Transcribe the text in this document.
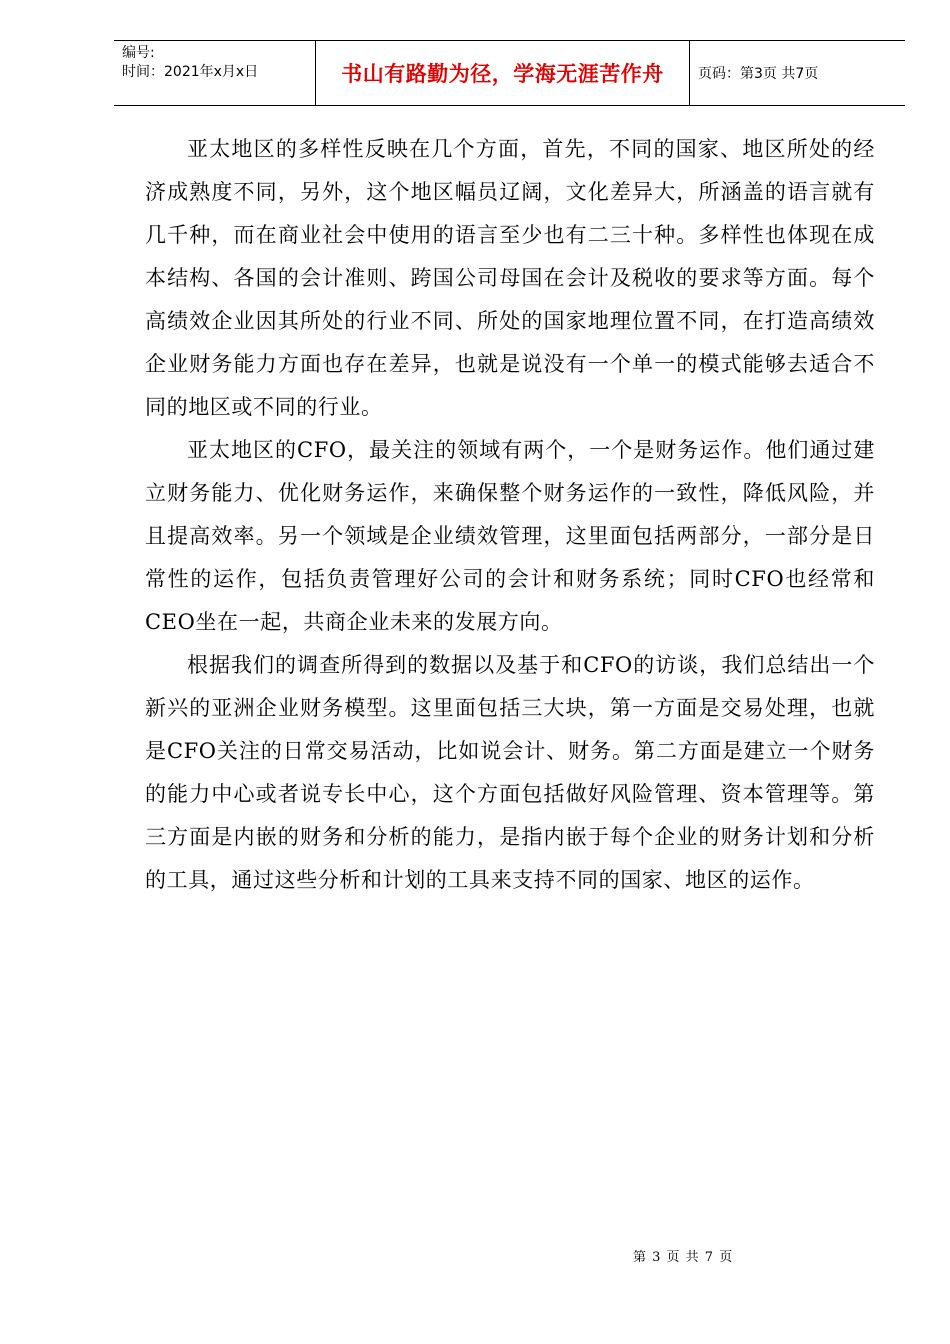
编号:
时间：2021年x月x日	书山有路勤为径，学海无涯苦作舟	页码：第3页 共7页

亚太地区的多样性反映在几个方面，首先，不同的国家、地区所处的经济成熟度不同，另外，这个地区幅员辽阔，文化差异大，所涵盖的语言就有几千种，而在商业社会中使用的语言至少也有二三十种。多样性也体现在成本结构、各国的会计准则、跨国公司母国在会计及税收的要求等方面。每个高绩效企业因其所处的行业不同、所处的国家地理位置不同，在打造高绩效企业财务能力方面也存在差异，也就是说没有一个单一的模式能够去适合不同的地区或不同的行业。

亚太地区的CFO，最关注的领域有两个，一个是财务运作。他们通过建立财务能力、优化财务运作，来确保整个财务运作的一致性，降低风险，并且提高效率。另一个领域是企业绩效管理，这里面包括两部分，一部分是日常性的运作，包括负责管理好公司的会计和财务系统；同时CFO也经常和CEO坐在一起，共商企业未来的发展方向。

根据我们的调查所得到的数据以及基于和CFO的访谈，我们总结出一个新兴的亚洲企业财务模型。这里面包括三大块，第一方面是交易处理，也就是CFO关注的日常交易活动，比如说会计、财务。第二方面是建立一个财务的能力中心或者说专长中心，这个方面包括做好风险管理、资本管理等。第三方面是内嵌的财务和分析的能力，是指内嵌于每个企业的财务计划和分析的工具，通过这些分析和计划的工具来支持不同的国家、地区的运作。

第 3 页 共 7 页
